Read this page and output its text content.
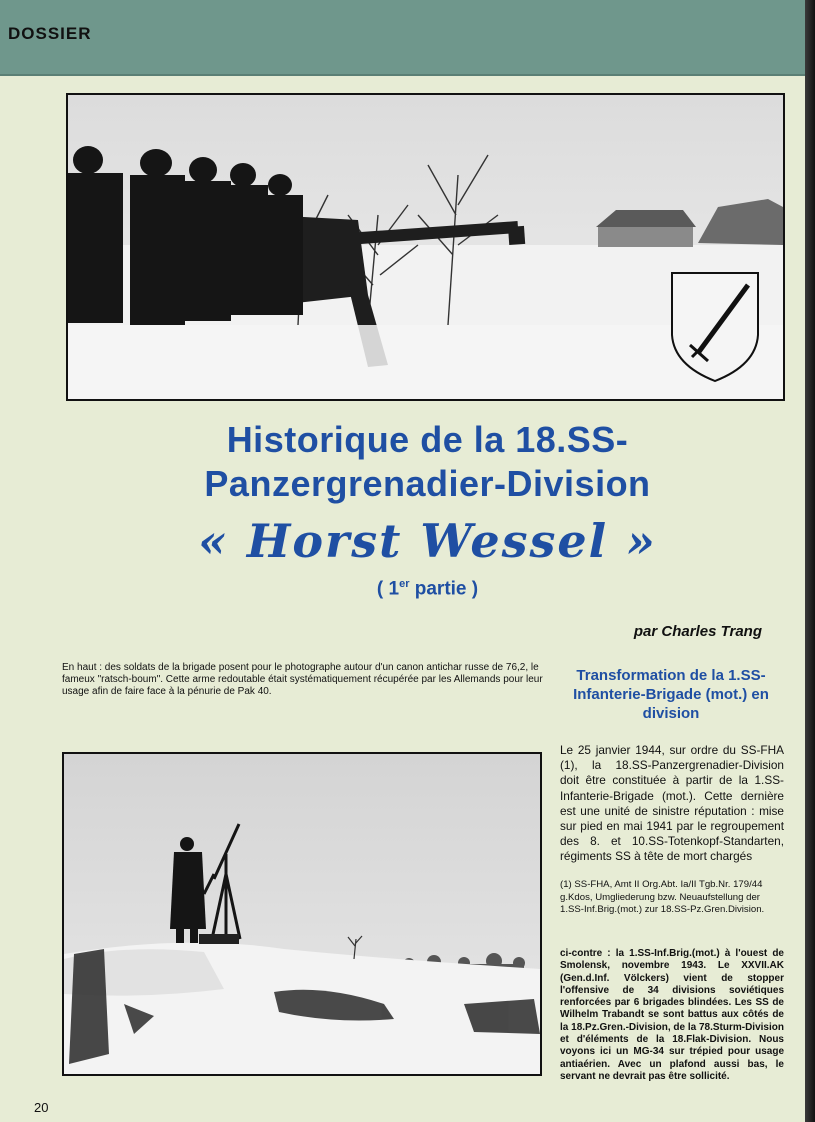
DOSSIER
Historique de la 18.SS-
Panzergrenadier-Division
« Horst Wessel »
( 1er partie )
par Charles Trang
En haut : des soldats de la brigade posent pour le photographe autour d'un canon antichar russe de 76,2, le fameux "ratsch-boum". Cette arme redoutable était systématiquement récupérée par les Allemands pour leur usage afin de faire face à la pénurie de Pak 40.
Transformation de la 1.SS-Infanterie-Brigade (mot.) en division
Le 25 janvier 1944, sur ordre du SS-FHA (1), la 18.SS-Panzergrenadier-Division doit être constituée à partir de la 1.SS-Infanterie-Brigade (mot.). Cette dernière est une unité de sinistre réputation : mise sur pied en mai 1941 par le regroupement des 8. et 10.SS-Totenkopf-Standarten, régiments SS à tête de mort chargés
(1) SS-FHA, Amt II Org.Abt. Ia/II Tgb.Nr. 179/44 g.Kdos, Umgliederung bzw. Neuaufstellung der 1.SS-Inf.Brig.(mot.) zur 18.SS-Pz.Gren.Division.
ci-contre : la 1.SS-Inf.Brig.(mot.) à l'ouest de Smolensk, novembre 1943. Le XXVII.AK (Gen.d.Inf. Völckers) vient de stopper l'offensive de 34 divisions soviétiques renforcées par 6 brigades blindées. Les SS de Wilhelm Trabandt se sont battus aux côtés de la 18.Pz.Gren.-Division, de la 78.Sturm-Division et d'éléments de la 18.Flak-Division. Nous voyons ici un MG-34 sur trépied pour usage antiaérien. Avec un plafond aussi bas, le servant ne devrait pas être sollicité.
20
